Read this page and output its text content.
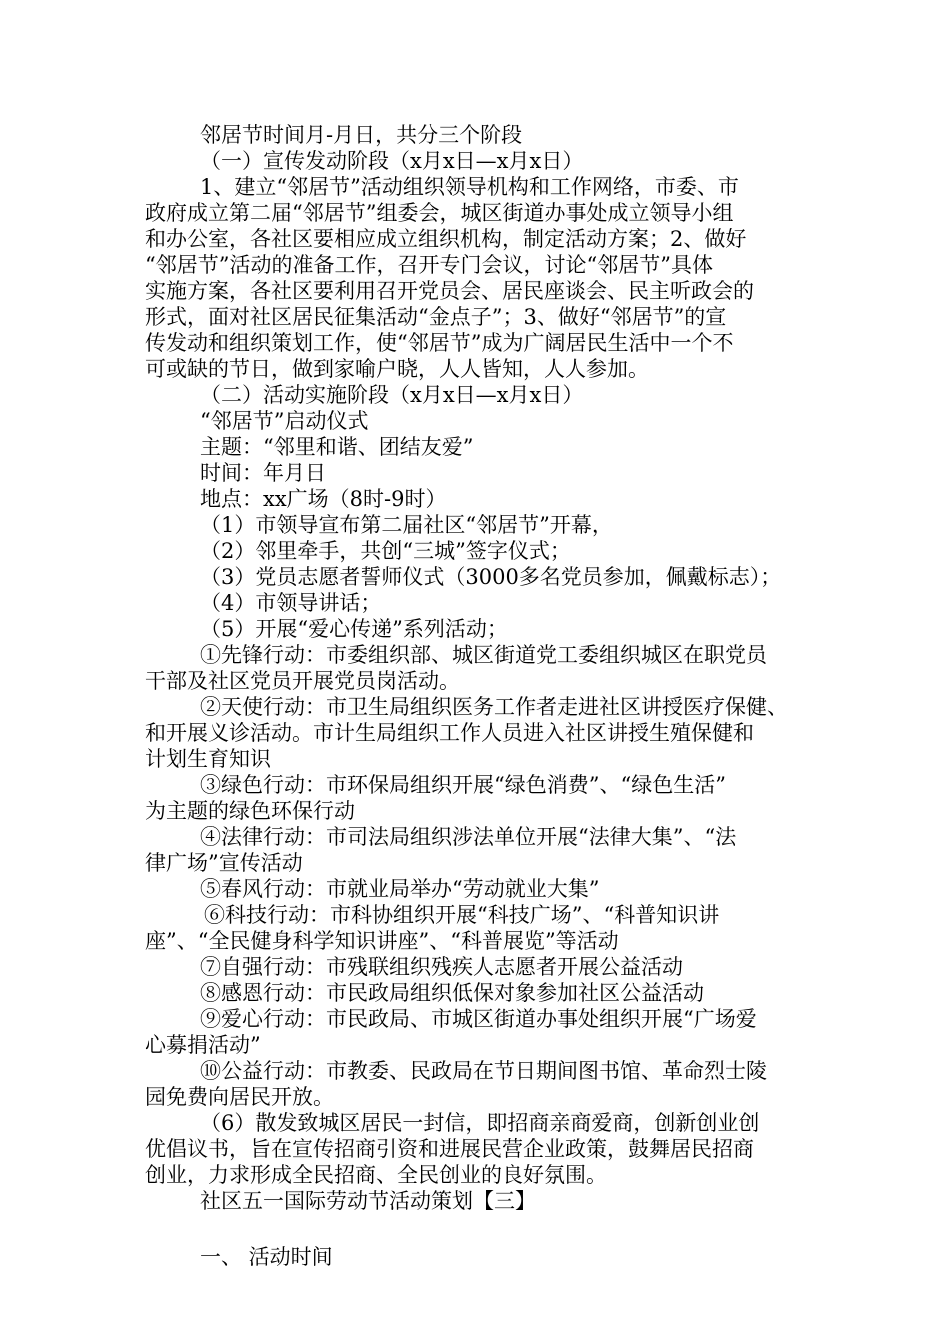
邻居节时间月-月日，共分三个阶段
（一）宣传发动阶段（x月x日—x月x日）
1、建立“邻居节”活动组织领导机构和工作网络，市委、市
政府成立第二届“邻居节”组委会，城区街道办事处成立领导小组
和办公室，各社区要相应成立组织机构，制定活动方案；2、做好
“邻居节”活动的准备工作，召开专门会议，讨论“邻居节”具体
实施方案，各社区要利用召开党员会、居民座谈会、民主听政会的
形式，面对社区居民征集活动“金点子”；3、做好“邻居节”的宣
传发动和组织策划工作，使“邻居节”成为广阔居民生活中一个不
可或缺的节日，做到家喻户晓，人人皆知，人人参加。
（二）活动实施阶段（x月x日—x月x日）
“邻居节”启动仪式
主题：“邻里和谐、团结友爱”
时间：年月日
地点：xx广场（8时-9时）
（1）市领导宣布第二届社区“邻居节”开幕，
（2）邻里牵手，共创“三城”签字仪式；
（3）党员志愿者誓师仪式（3000多名党员参加，佩戴标志）；
（4）市领导讲话；
（5）开展“爱心传递”系列活动；
①先锋行动：市委组织部、城区街道党工委组织城区在职党员
干部及社区党员开展党员岗活动。
②天使行动：市卫生局组织医务工作者走进社区讲授医疗保健、
和开展义诊活动。市计生局组织工作人员进入社区讲授生殖保健和
计划生育知识
③绿色行动：市环保局组织开展“绿色消费”、“绿色生活”
为主题的绿色环保行动
④法律行动：市司法局组织涉法单位开展“法律大集”、“法
律广场”宣传活动
⑤春风行动：市就业局举办“劳动就业大集”
⑥科技行动：市科协组织开展“科技广场”、“科普知识讲
座”、“全民健身科学知识讲座”、“科普展览”等活动
⑦自强行动：市残联组织残疾人志愿者开展公益活动
⑧感恩行动：市民政局组织低保对象参加社区公益活动
⑨爱心行动：市民政局、市城区街道办事处组织开展“广场爱
心募捐活动”
⑩公益行动：市教委、民政局在节日期间图书馆、革命烈士陵
园免费向居民开放。
（6）散发致城区居民一封信，即招商亲商爱商，创新创业创
优倡议书，旨在宣传招商引资和进展民营企业政策，鼓舞居民招商
创业，力求形成全民招商、全民创业的良好氛围。
社区五一国际劳动节活动策划【三】
一、 活动时间
